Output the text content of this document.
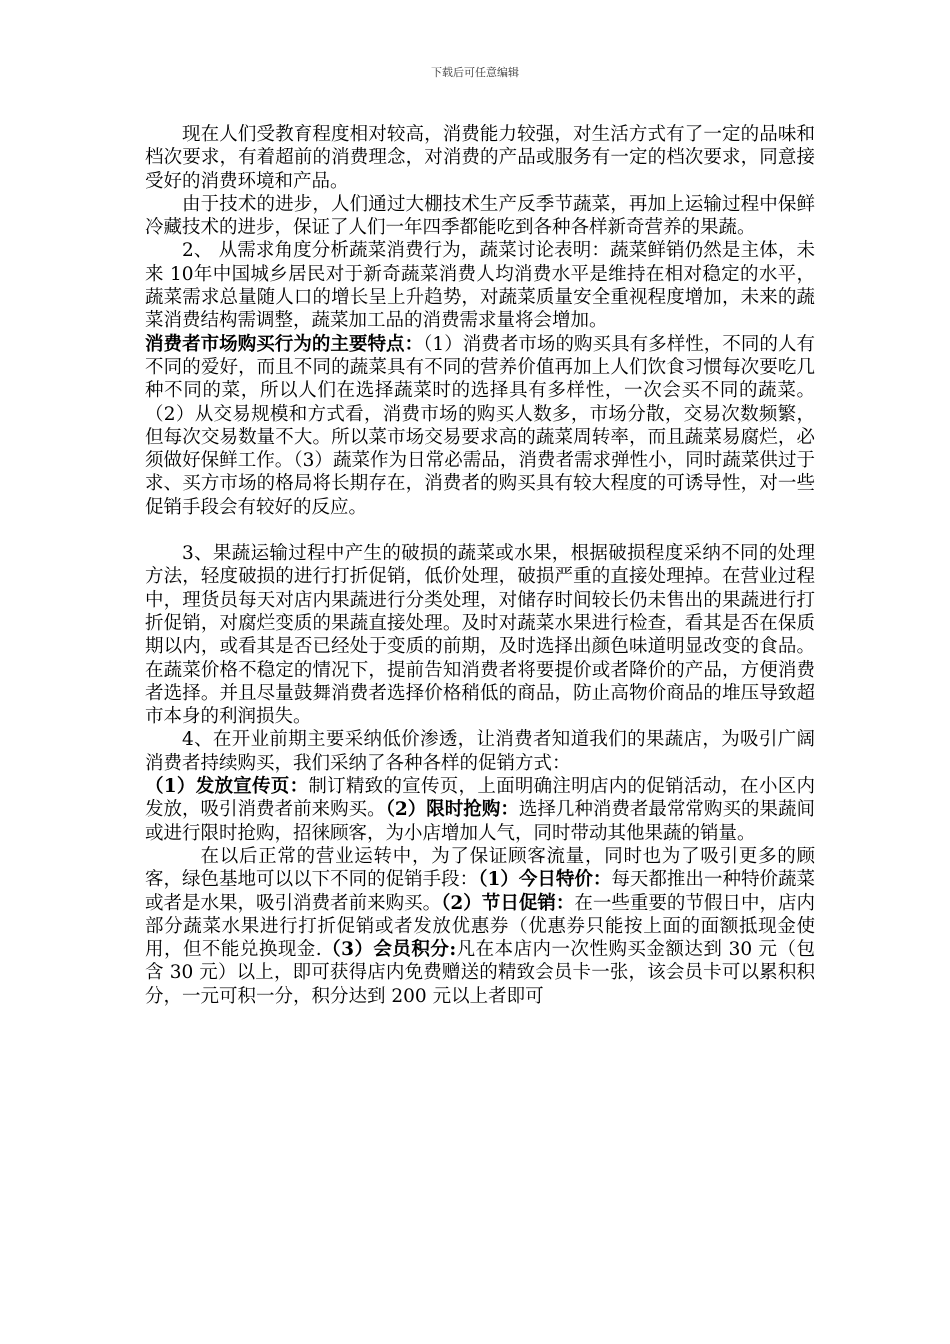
下载后可任意编辑

现在人们受教育程度相对较高，消费能力较强，对生活方式有了一定的品味和档次要求，有着超前的消费理念，对消费的产品或服务有一定的档次要求，同意接受好的消费环境和产品。

由于技术的进步，人们通过大棚技术生产反季节蔬菜，再加上运输过程中保鲜冷藏技术的进步，保证了人们一年四季都能吃到各种各样新奇营养的果蔬。

2、 从需求角度分析蔬菜消费行为，蔬菜讨论表明：蔬菜鲜销仍然是主体，未来 10年中国城乡居民对于新奇蔬菜消费人均消费水平是维持在相对稳定的水平，蔬菜需求总量随人口的增长呈上升趋势，对蔬菜质量安全重视程度增加，未来的蔬菜消费结构需调整，蔬菜加工品的消费需求量将会增加。

消费者市场购买行为的主要特点：（1）消费者市场的购买具有多样性，不同的人有不同的爱好，而且不同的蔬菜具有不同的营养价值再加上人们饮食习惯每次要吃几种不同的菜，所以人们在选择蔬菜时的选择具有多样性，一次会买不同的蔬菜。（2）从交易规模和方式看，消费市场的购买人数多，市场分散，交易次数频繁，但每次交易数量不大。所以菜市场交易要求高的蔬菜周转率，而且蔬菜易腐烂，必须做好保鲜工作。（3）蔬菜作为日常必需品，消费者需求弹性小，同时蔬菜供过于求、买方市场的格局将长期存在，消费者的购买具有较大程度的可诱导性，对一些促销手段会有较好的反应。

3、果蔬运输过程中产生的破损的蔬菜或水果，根据破损程度采纳不同的处理方法，轻度破损的进行打折促销，低价处理，破损严重的直接处理掉。在营业过程中，理货员每天对店内果蔬进行分类处理，对储存时间较长仍未售出的果蔬进行打折促销，对腐烂变质的果蔬直接处理。及时对蔬菜水果进行检查，看其是否在保质期以内，或看其是否已经处于变质的前期，及时选择出颜色味道明显改变的食品。在蔬菜价格不稳定的情况下，提前告知消费者将要提价或者降价的产品，方便消费者选择。并且尽量鼓舞消费者选择价格稍低的商品，防止高物价商品的堆压导致超市本身的利润损失。

4、在开业前期主要采纳低价渗透，让消费者知道我们的果蔬店，为吸引广阔消费者持续购买，我们采纳了各种各样的促销方式：

（1）发放宣传页：制订精致的宣传页，上面明确注明店内的促销活动，在小区内发放，吸引消费者前来购买。（2）限时抢购：选择几种消费者最常常购买的果蔬间或进行限时抢购，招徕顾客，为小店增加人气，同时带动其他果蔬的销量。

在以后正常的营业运转中，为了保证顾客流量，同时也为了吸引更多的顾客，绿色基地可以以下不同的促销手段：（1）今日特价：每天都推出一种特价蔬菜或者是水果，吸引消费者前来购买。（2）节日促销：在一些重要的节假日中，店内部分蔬菜水果进行打折促销或者发放优惠券（优惠券只能按上面的面额抵现金使用，但不能兑换现金.（3）会员积分:凡在本店内一次性购买金额达到 30 元（包含 30 元）以上，即可获得店内免费赠送的精致会员卡一张，该会员卡可以累积积分，一元可积一分，积分达到 200 元以上者即可
